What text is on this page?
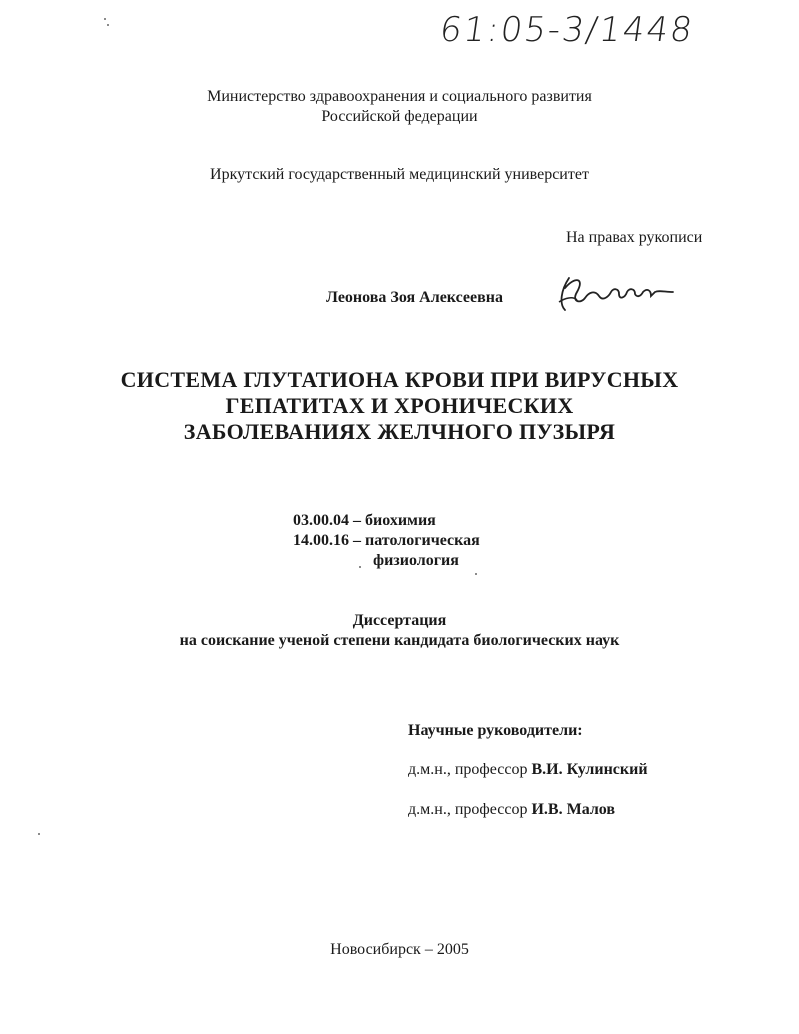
61:05-3/1448
Министерство здравоохранения и социального развития
Российской федерации
Иркутский государственный медицинский университет
На правах рукописи
Леонова Зоя Алексеевна
СИСТЕМА ГЛУТАТИОНА КРОВИ ПРИ ВИРУСНЫХ
ГЕПАТИТАХ И ХРОНИЧЕСКИХ
ЗАБОЛЕВАНИЯХ ЖЕЛЧНОГО ПУЗЫРЯ
03.00.04 – биохимия
14.00.16 – патологическая
физиология
Диссертация
на соискание ученой степени кандидата биологических наук
Научные руководители:
д.м.н., профессор В.И. Кулинский
д.м.н., профессор И.В. Малов
Новосибирск – 2005
